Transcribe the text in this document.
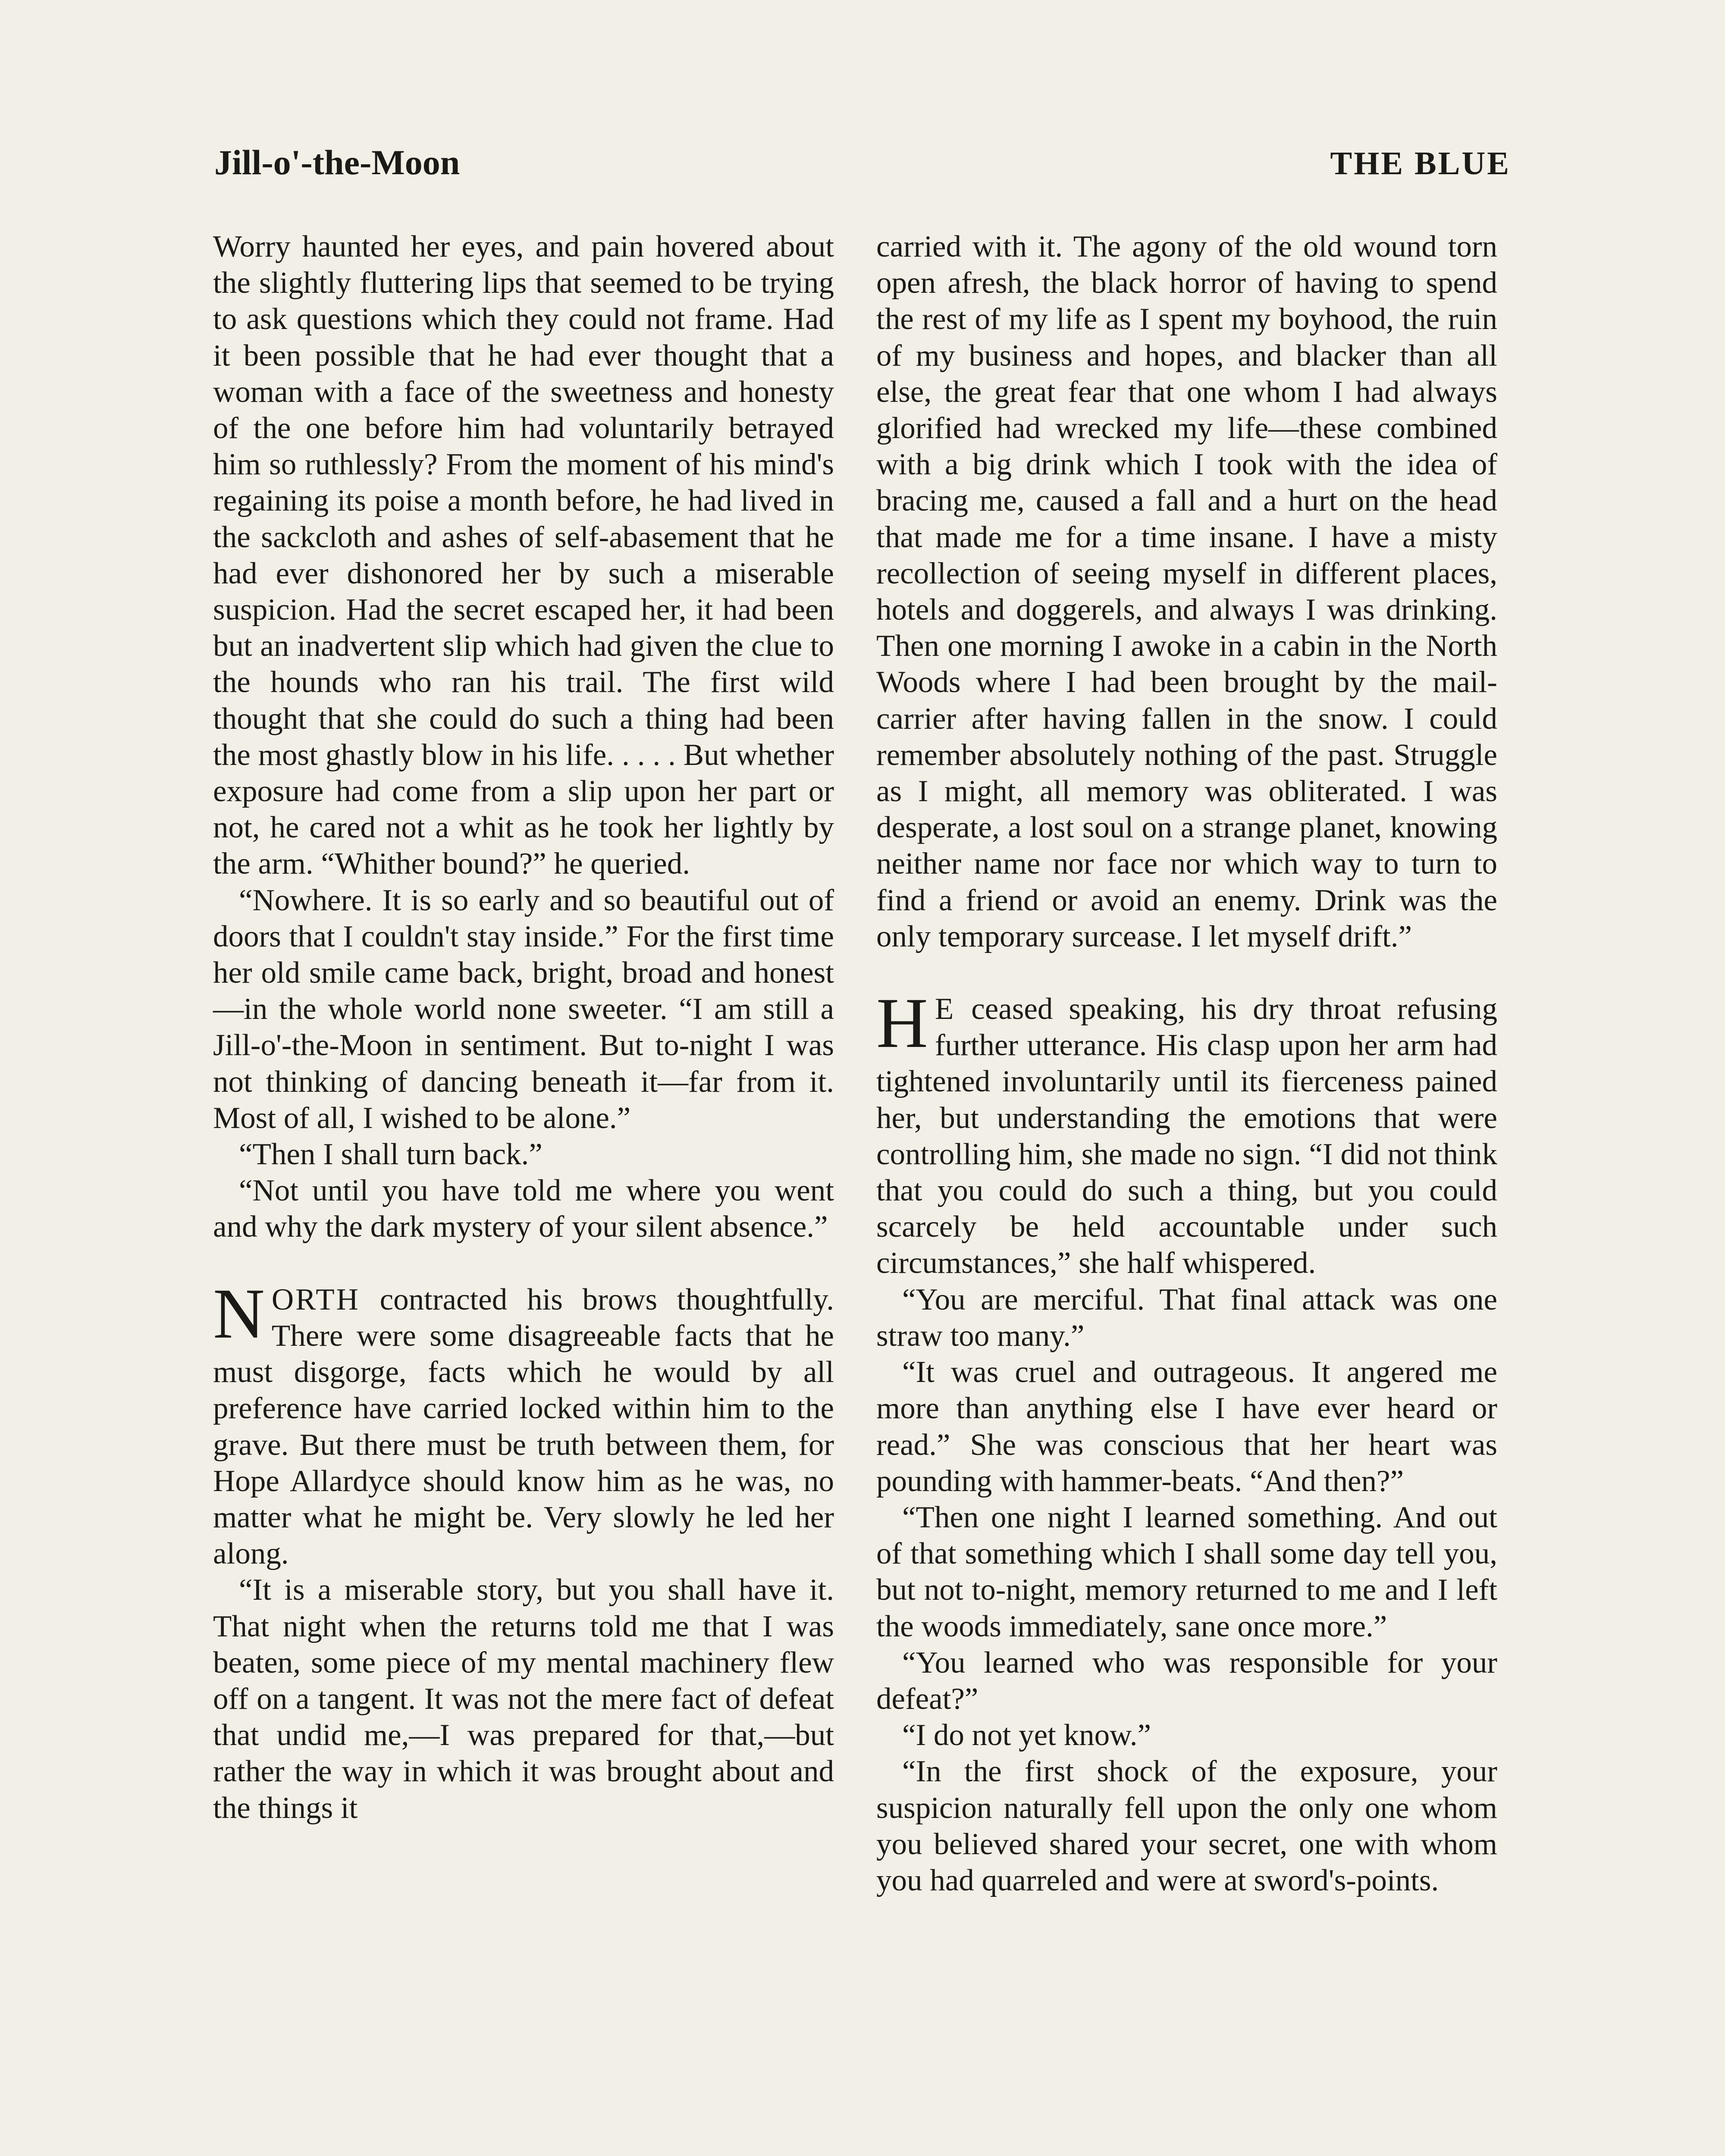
Jill-o'-the-Moon	THE BLUE

Worry haunted her eyes, and pain hovered about the slightly fluttering lips that seemed to be trying to ask questions which they could not frame. Had it been possible that he had ever thought that a woman with a face of the sweetness and honesty of the one before him had voluntarily betrayed him so ruthlessly? From the moment of his mind's regaining its poise a month before, he had lived in the sackcloth and ashes of self-abasement that he had ever dishonored her by such a miserable suspicion. Had the secret escaped her, it had been but an inadvertent slip which had given the clue to the hounds who ran his trail. The first wild thought that she could do such a thing had been the most ghastly blow in his life. . . . . But whether exposure had come from a slip upon her part or not, he cared not a whit as he took her lightly by the arm. “Whither bound?” he queried.

“Nowhere. It is so early and so beautiful out of doors that I couldn't stay inside.” For the first time her old smile came back, bright, broad and honest—in the whole world none sweeter. “I am still a Jill-o'-the-Moon in sentiment. But to-night I was not thinking of dancing beneath it—far from it. Most of all, I wished to be alone.”

“Then I shall turn back.”

“Not until you have told me where you went and why the dark mystery of your silent absence.”

NORTH contracted his brows thoughtfully. There were some disagreeable facts that he must disgorge, facts which he would by all preference have carried locked within him to the grave. But there must be truth between them, for Hope Allardyce should know him as he was, no matter what he might be. Very slowly he led her along.

“It is a miserable story, but you shall have it. That night when the returns told me that I was beaten, some piece of my mental machinery flew off on a tangent. It was not the mere fact of defeat that undid me,—I was prepared for that,—but rather the way in which it was brought about and the things it

carried with it. The agony of the old wound torn open afresh, the black horror of having to spend the rest of my life as I spent my boyhood, the ruin of my business and hopes, and blacker than all else, the great fear that one whom I had always glorified had wrecked my life—these combined with a big drink which I took with the idea of bracing me, caused a fall and a hurt on the head that made me for a time insane. I have a misty recollection of seeing myself in different places, hotels and doggerels, and always I was drinking. Then one morning I awoke in a cabin in the North Woods where I had been brought by the mail-carrier after having fallen in the snow. I could remember absolutely nothing of the past. Struggle as I might, all memory was obliterated. I was desperate, a lost soul on a strange planet, knowing neither name nor face nor which way to turn to find a friend or avoid an enemy. Drink was the only temporary surcease. I let myself drift.”

H E ceased speaking, his dry throat refusing further utterance. His clasp upon her arm had tightened involuntarily until its fierceness pained her, but understanding the emotions that were controlling him, she made no sign. “I did not think that you could do such a thing, but you could scarcely be held accountable under such circumstances,” she half whispered.

“You are merciful. That final attack was one straw too many.”

“It was cruel and outrageous. It angered me more than anything else I have ever heard or read.” She was conscious that her heart was pounding with hammer-beats. “And then?”

“Then one night I learned something. And out of that something which I shall some day tell you, but not to-night, memory returned to me and I left the woods immediately, sane once more.”

“You learned who was responsible for your defeat?”

“I do not yet know.”

“In the first shock of the exposure, your suspicion naturally fell upon the only one whom you believed shared your secret, one with whom you had quarreled and were at sword's-points.
